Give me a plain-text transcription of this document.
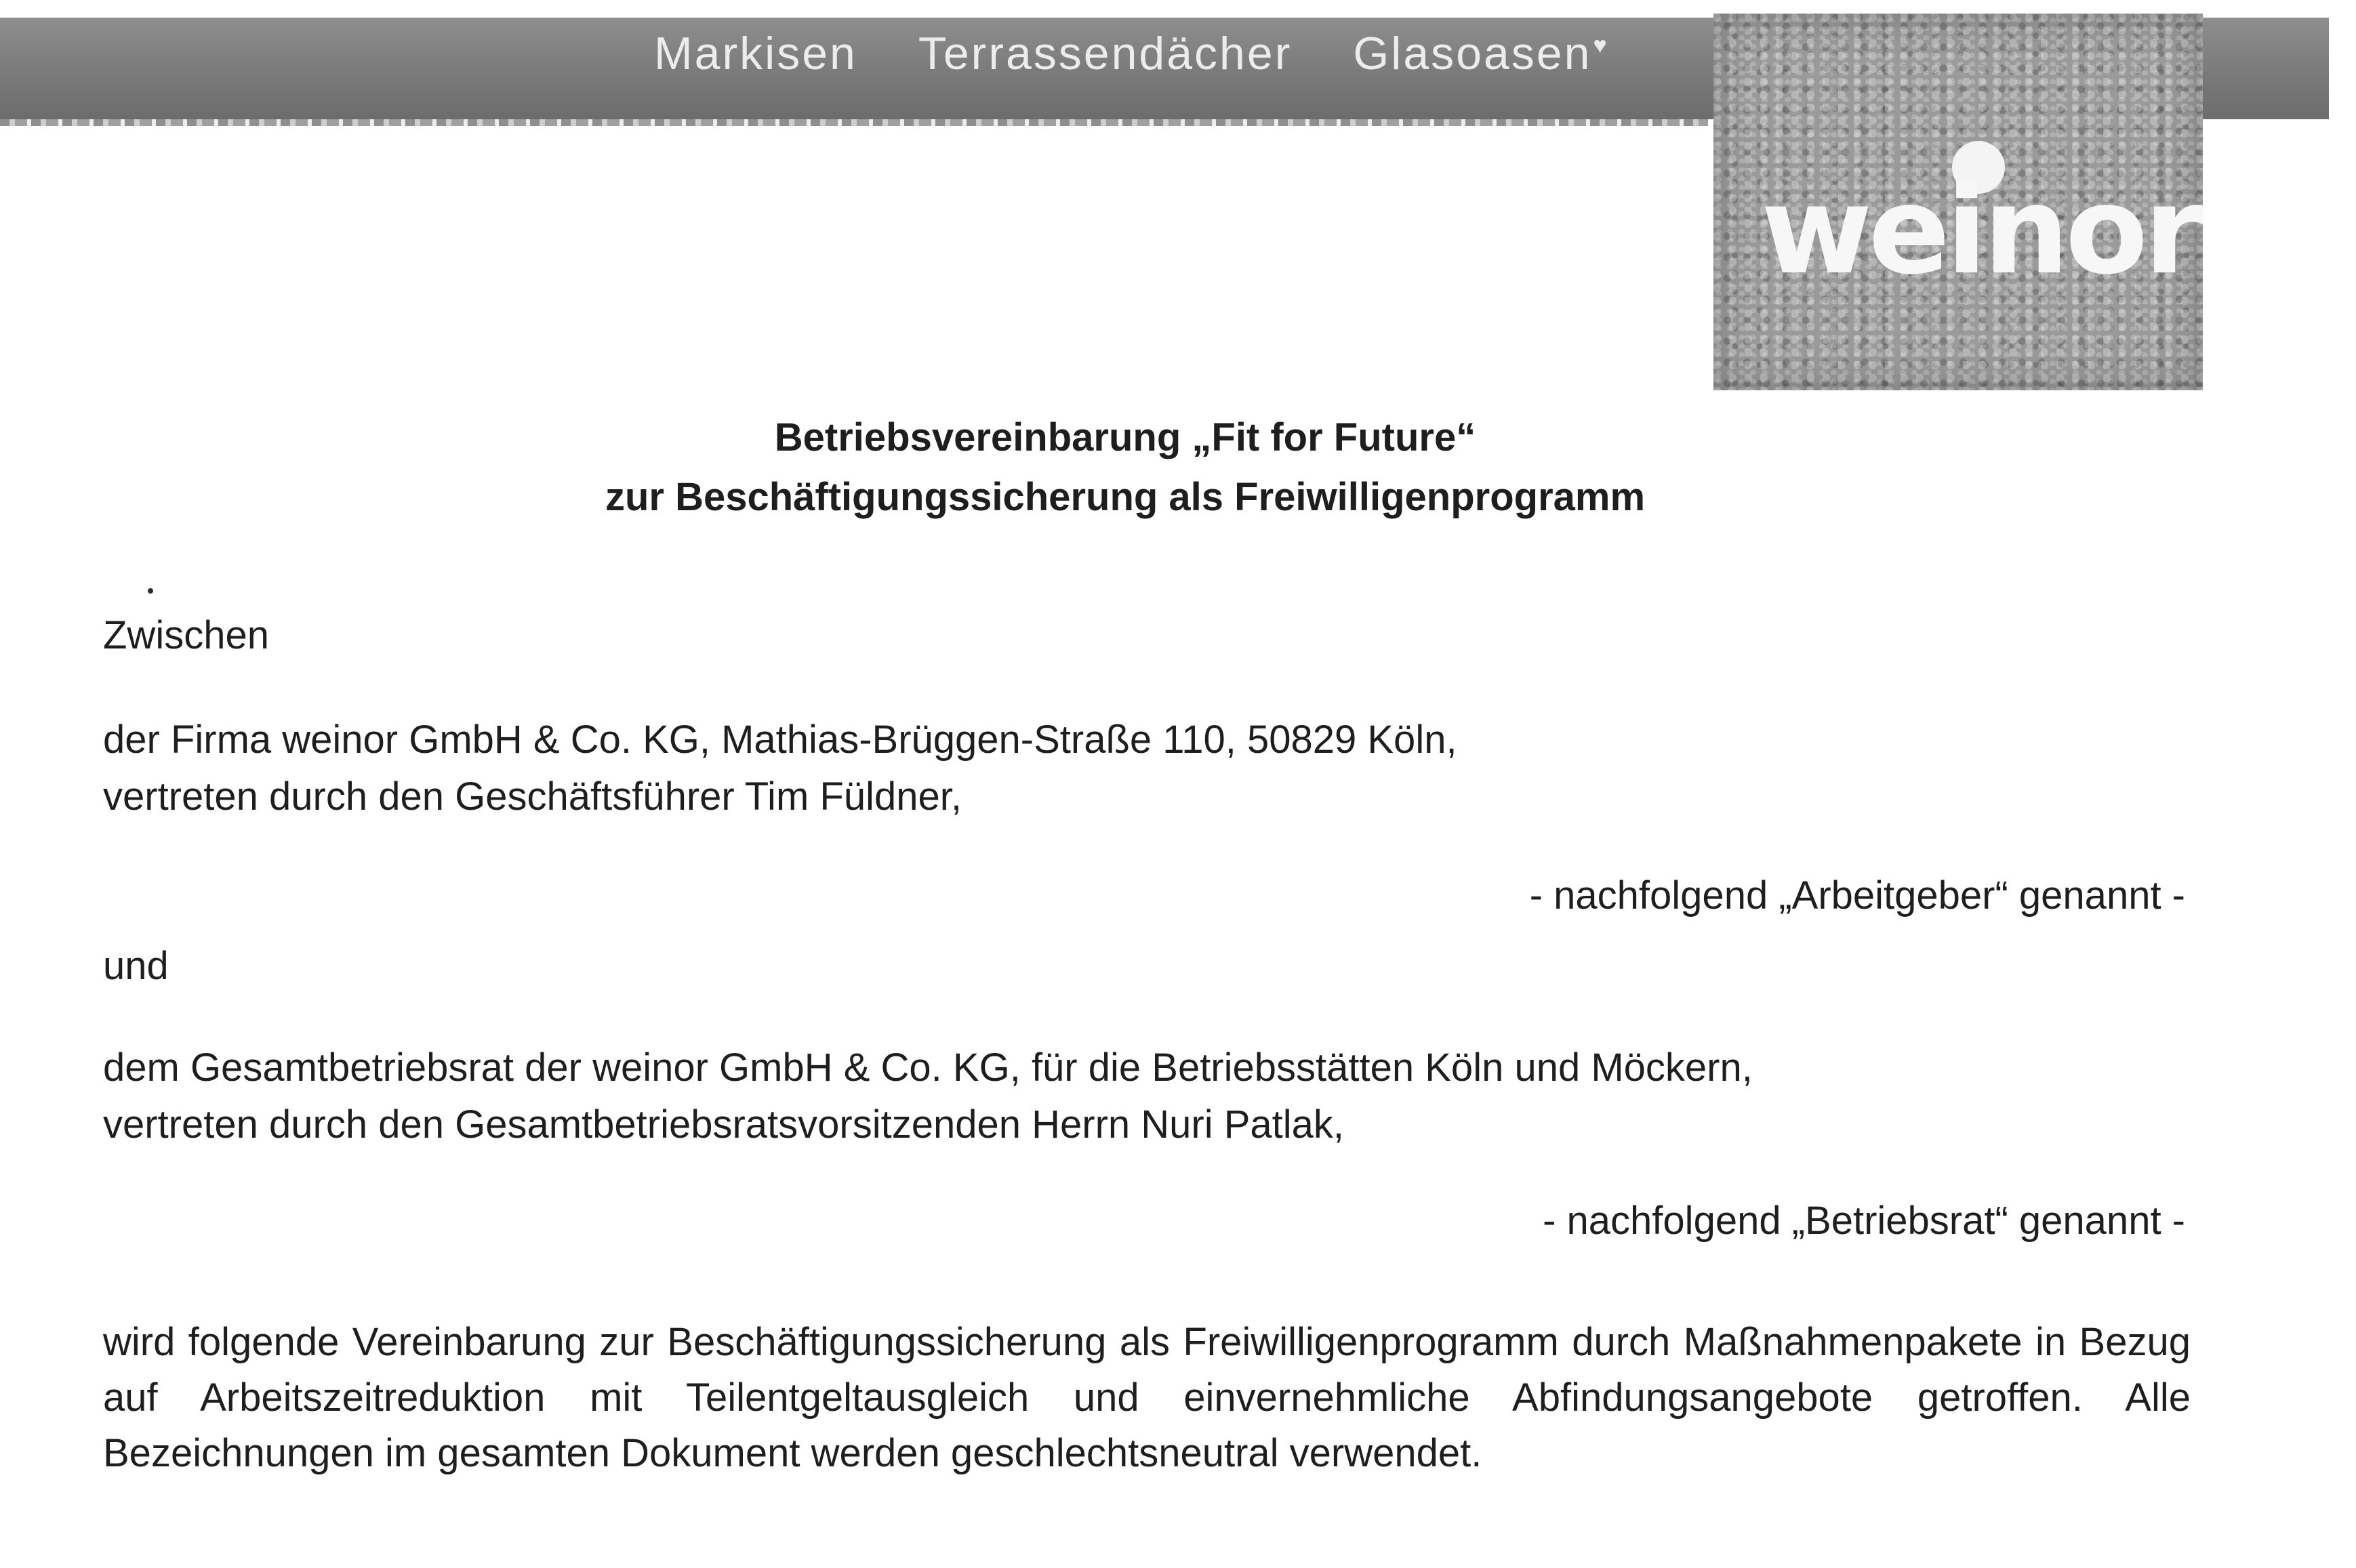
Markisen Terrassendächer Glasoasen♥
weinor
Betriebsvereinbarung „Fit for Future“
zur Beschäftigungssicherung als Freiwilligenprogramm
Zwischen
der Firma weinor GmbH & Co. KG, Mathias-Brüggen-Straße 110, 50829 Köln,
vertreten durch den Geschäftsführer Tim Füldner,
- nachfolgend „Arbeitgeber“ genannt -
und
dem Gesamtbetriebsrat der weinor GmbH & Co. KG, für die Betriebsstätten Köln und Möckern,
vertreten durch den Gesamtbetriebsratsvorsitzenden Herrn Nuri Patlak,
- nachfolgend „Betriebsrat“ genannt -
wird folgende Vereinbarung zur Beschäftigungssicherung als Freiwilligenprogramm durch Maßnahmenpakete in Bezug auf Arbeitszeitreduktion mit Teilentgeltausgleich und einvernehmliche Abfindungsangebote getroffen. Alle Bezeichnungen im gesamten Dokument werden geschlechtsneutral verwendet.
